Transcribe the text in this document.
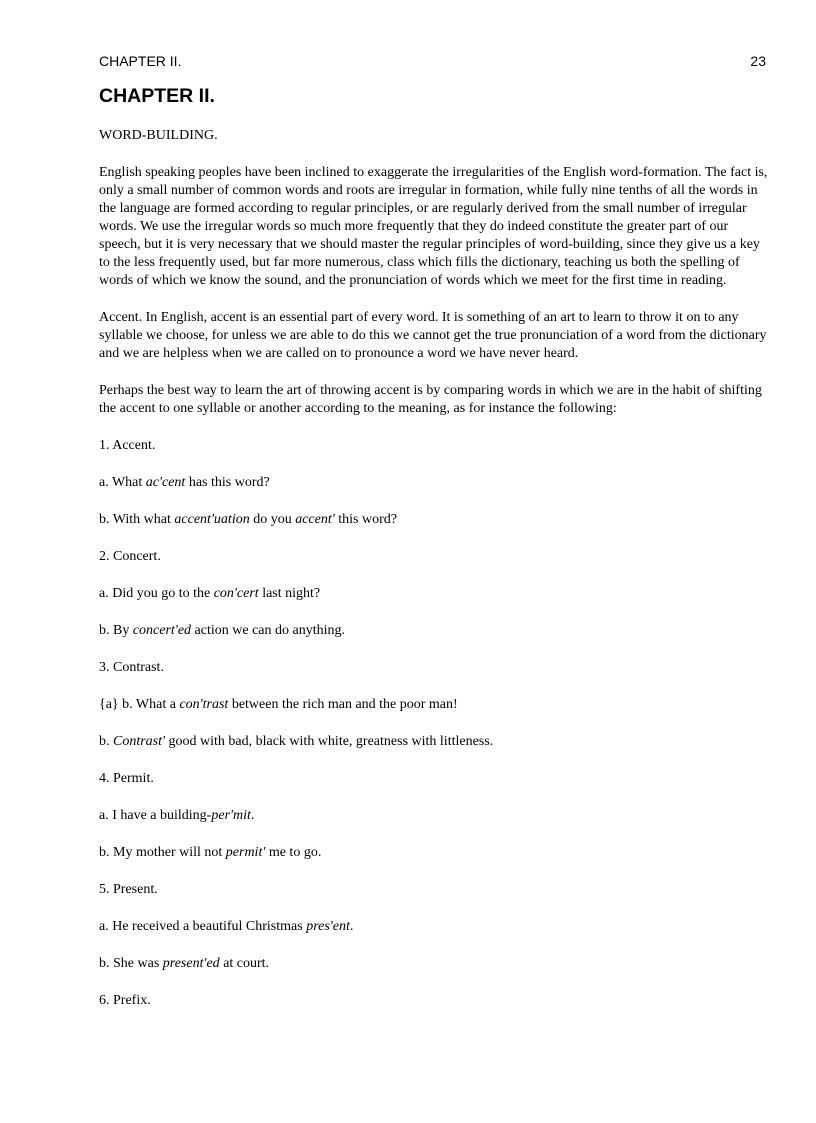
CHAPTER II.	23
CHAPTER II.

WORD-BUILDING.

English speaking peoples have been inclined to exaggerate the irregularities of the English word-formation. The fact is, only a small number of common words and roots are irregular in formation, while fully nine tenths of all the words in the language are formed according to regular principles, or are regularly derived from the small number of irregular words. We use the irregular words so much more frequently that they do indeed constitute the greater part of our speech, but it is very necessary that we should master the regular principles of word-building, since they give us a key to the less frequently used, but far more numerous, class which fills the dictionary, teaching us both the spelling of words of which we know the sound, and the pronunciation of words which we meet for the first time in reading.

Accent. In English, accent is an essential part of every word. It is something of an art to learn to throw it on to any syllable we choose, for unless we are able to do this we cannot get the true pronunciation of a word from the dictionary and we are helpless when we are called on to pronounce a word we have never heard.

Perhaps the best way to learn the art of throwing accent is by comparing words in which we are in the habit of shifting the accent to one syllable or another according to the meaning, as for instance the following:

1. Accent.

a. What ac'cent has this word?

b. With what accent'uation do you accent' this word?

2. Concert.

a. Did you go to the con'cert last night?

b. By concert'ed action we can do anything.

3. Contrast.

{a} b. What a con'trast between the rich man and the poor man!

b. Contrast' good with bad, black with white, greatness with littleness.

4. Permit.

a. I have a building-per'mit.

b. My mother will not permit' me to go.

5. Present.

a. He received a beautiful Christmas pres'ent.

b. She was present'ed at court.

6. Prefix.
